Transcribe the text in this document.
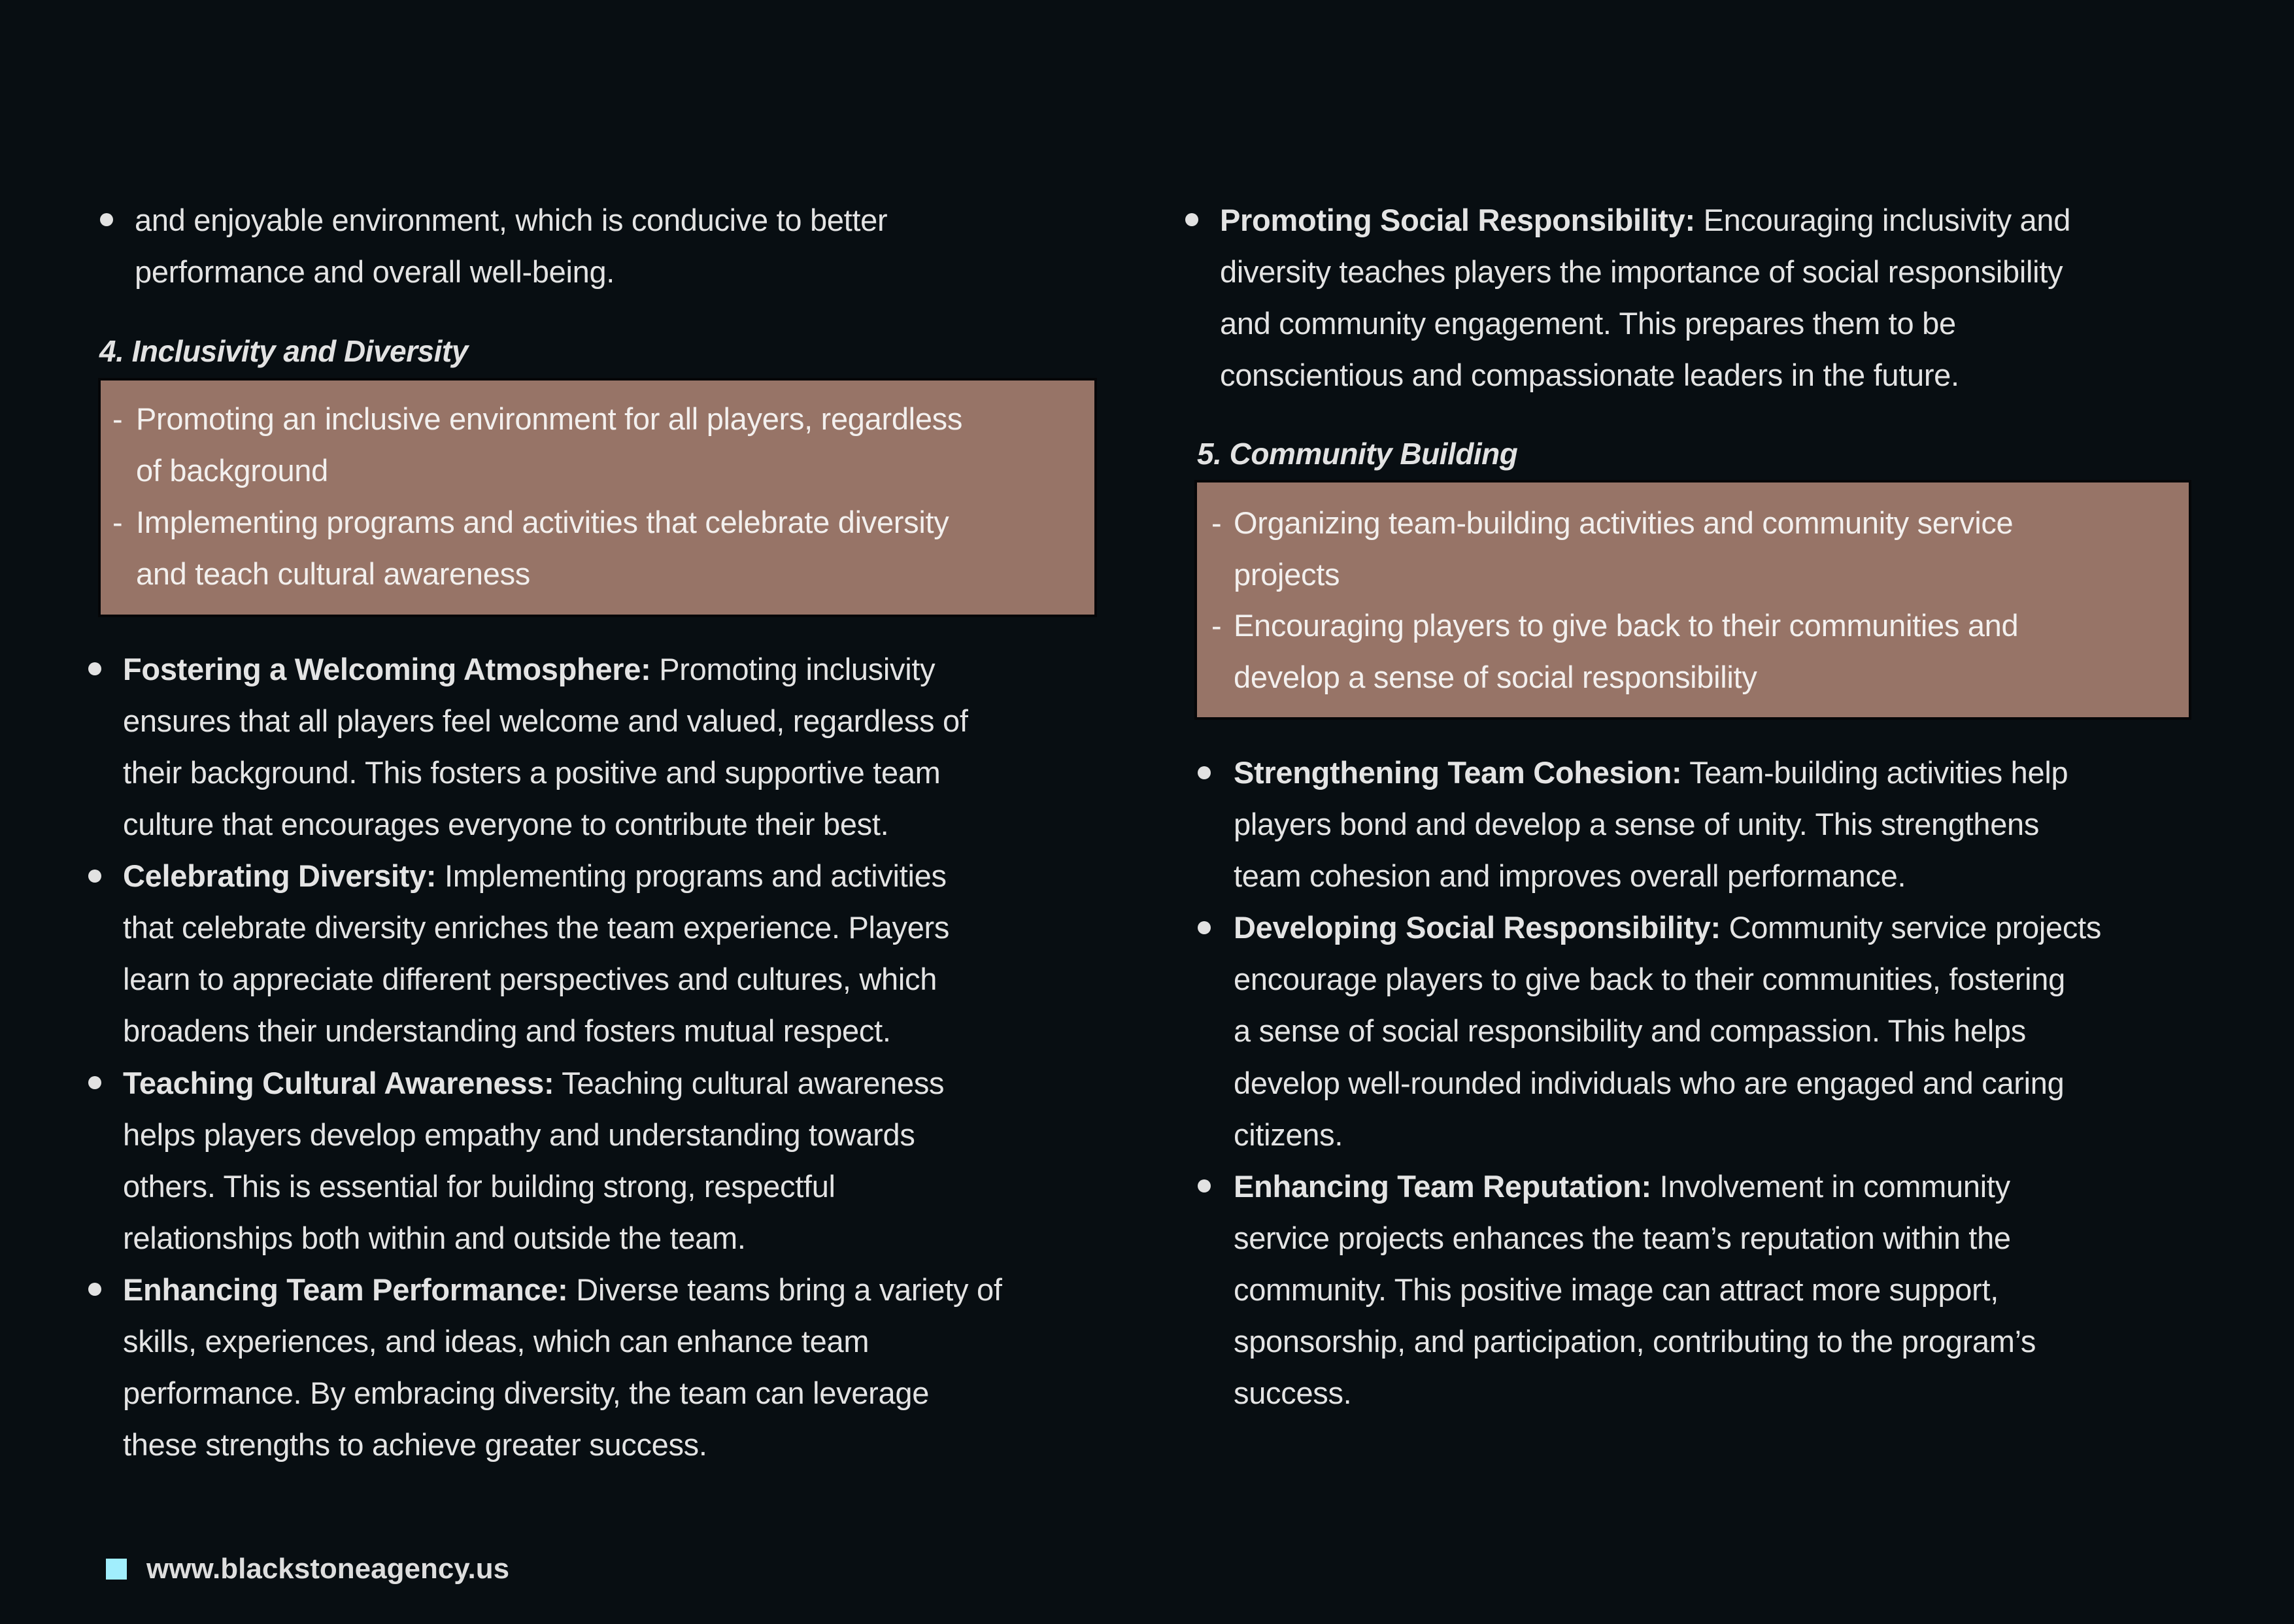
and enjoyable environment, which is conducive to better
performance and overall well-being.
4. Inclusivity and Diversity
- Promoting an inclusive environment for all players, regardless
of background
- Implementing programs and activities that celebrate diversity
and teach cultural awareness
Fostering a Welcoming Atmosphere: Promoting inclusivity
ensures that all players feel welcome and valued, regardless of
their background. This fosters a positive and supportive team
culture that encourages everyone to contribute their best.
Celebrating Diversity: Implementing programs and activities
that celebrate diversity enriches the team experience. Players
learn to appreciate different perspectives and cultures, which
broadens their understanding and fosters mutual respect.
Teaching Cultural Awareness: Teaching cultural awareness
helps players develop empathy and understanding towards
others. This is essential for building strong, respectful
relationships both within and outside the team.
Enhancing Team Performance: Diverse teams bring a variety of
skills, experiences, and ideas, which can enhance team
performance. By embracing diversity, the team can leverage
these strengths to achieve greater success.
Promoting Social Responsibility: Encouraging inclusivity and
diversity teaches players the importance of social responsibility
and community engagement. This prepares them to be
conscientious and compassionate leaders in the future.
5. Community Building
- Organizing team-building activities and community service
projects
- Encouraging players to give back to their communities and
develop a sense of social responsibility
Strengthening Team Cohesion: Team-building activities help
players bond and develop a sense of unity. This strengthens
team cohesion and improves overall performance.
Developing Social Responsibility: Community service projects
encourage players to give back to their communities, fostering
a sense of social responsibility and compassion. This helps
develop well-rounded individuals who are engaged and caring
citizens.
Enhancing Team Reputation: Involvement in community
service projects enhances the team’s reputation within the
community. This positive image can attract more support,
sponsorship, and participation, contributing to the program’s
success.
www.blackstoneagency.us
